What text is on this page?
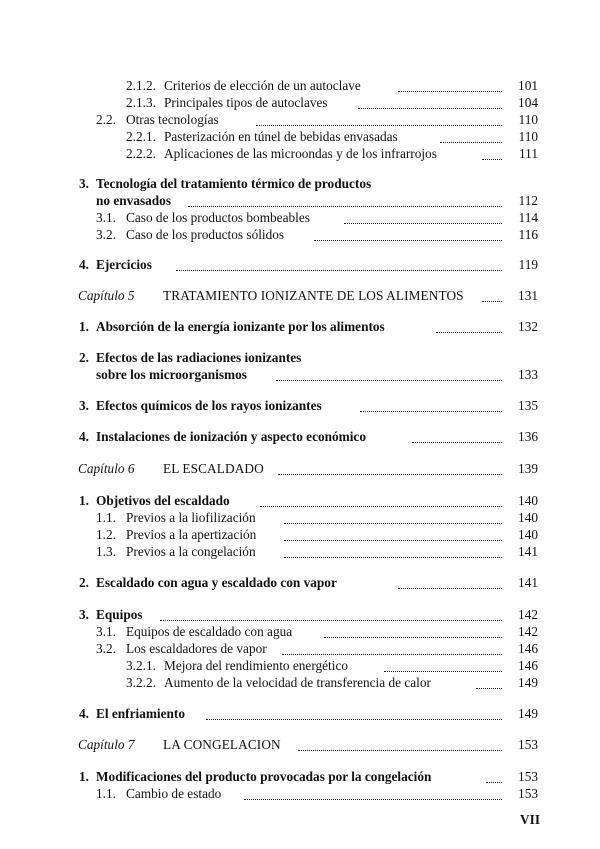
2.1.2. Criterios de elección de un autoclave	101
2.1.3. Principales tipos de autoclaves	104
2.2. Otras tecnologías	110
2.2.1. Pasterización en túnel de bebidas envasadas	110
2.2.2. Aplicaciones de las microondas y de los infrarrojos	111
3. Tecnología del tratamiento térmico de productos
no envasados	112
3.1. Caso de los productos bombeables	114
3.2. Caso de los productos sólidos	116
4. Ejercicios	119
Capítulo 5 TRATAMIENTO IONIZANTE DE LOS ALIMENTOS	131
1. Absorción de la energía ionizante por los alimentos	132
2. Efectos de las radiaciones ionizantes
sobre los microorganismos	133
3. Efectos químicos de los rayos ionizantes	135
4. Instalaciones de ionización y aspecto económico	136
Capítulo 6 EL ESCALDADO	139
1. Objetivos del escaldado	140
1.1. Previos a la liofilización	140
1.2. Previos a la apertización	140
1.3. Previos a la congelación	141
2. Escaldado con agua y escaldado con vapor	141
3. Equipos	142
3.1. Equipos de escaldado con agua	142
3.2. Los escaldadores de vapor	146
3.2.1. Mejora del rendimiento energético	146
3.2.2. Aumento de la velocidad de transferencia de calor	149
4. El enfriamiento	149
Capítulo 7 LA CONGELACION	153
1. Modificaciones del producto provocadas por la congelación	153
1.1. Cambio de estado	153
VII
